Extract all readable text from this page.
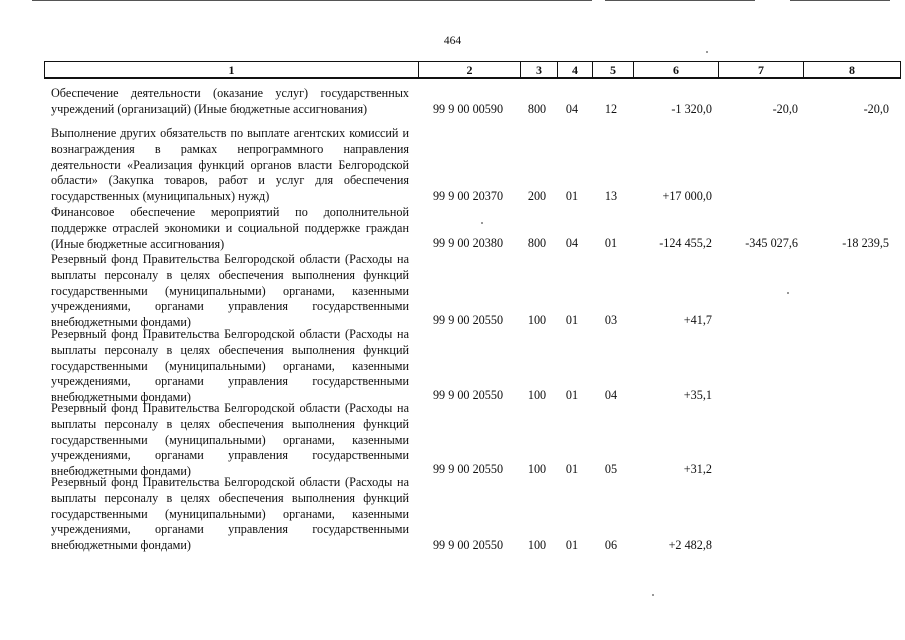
464
1	2	3	4	5	6	7	8
Обеспечение деятельности (оказание услуг) государственных учреждений (организаций) (Иные бюджетные ассигнования)	99 9 00 00590	800	04	12	-1 320,0	-20,0	-20,0
Выполнение других обязательств по выплате агентских комиссий и вознаграждения в рамках непрограммного направления деятельности «Реализация функций органов власти Белгородской области» (Закупка товаров, работ и услуг для обеспечения государственных (муниципальных) нужд)	99 9 00 20370	200	01	13	+17 000,0
Финансовое обеспечение мероприятий по дополнительной поддержке отраслей экономики и социальной поддержке граждан (Иные бюджетные ассигнования)	99 9 00 20380	800	04	01	-124 455,2	-345 027,6	-18 239,5
Резервный фонд Правительства Белгородской области (Расходы на выплаты персоналу в целях обеспечения выполнения функций государственными (муниципальными) органами, казенными учреждениями, органами управления государственными внебюджетными фондами)	99 9 00 20550	100	01	03	+41,7
Резервный фонд Правительства Белгородской области (Расходы на выплаты персоналу в целях обеспечения выполнения функций государственными (муниципальными) органами, казенными учреждениями, органами управления государственными внебюджетными фондами)	99 9 00 20550	100	01	04	+35,1
Резервный фонд Правительства Белгородской области (Расходы на выплаты персоналу в целях обеспечения выполнения функций государственными (муниципальными) органами, казенными учреждениями, органами управления государственными внебюджетными фондами)	99 9 00 20550	100	01	05	+31,2
Резервный фонд Правительства Белгородской области (Расходы на выплаты персоналу в целях обеспечения выполнения функций государственными (муниципальными) органами, казенными учреждениями, органами управления государственными внебюджетными фондами)	99 9 00 20550	100	01	06	+2 482,8
